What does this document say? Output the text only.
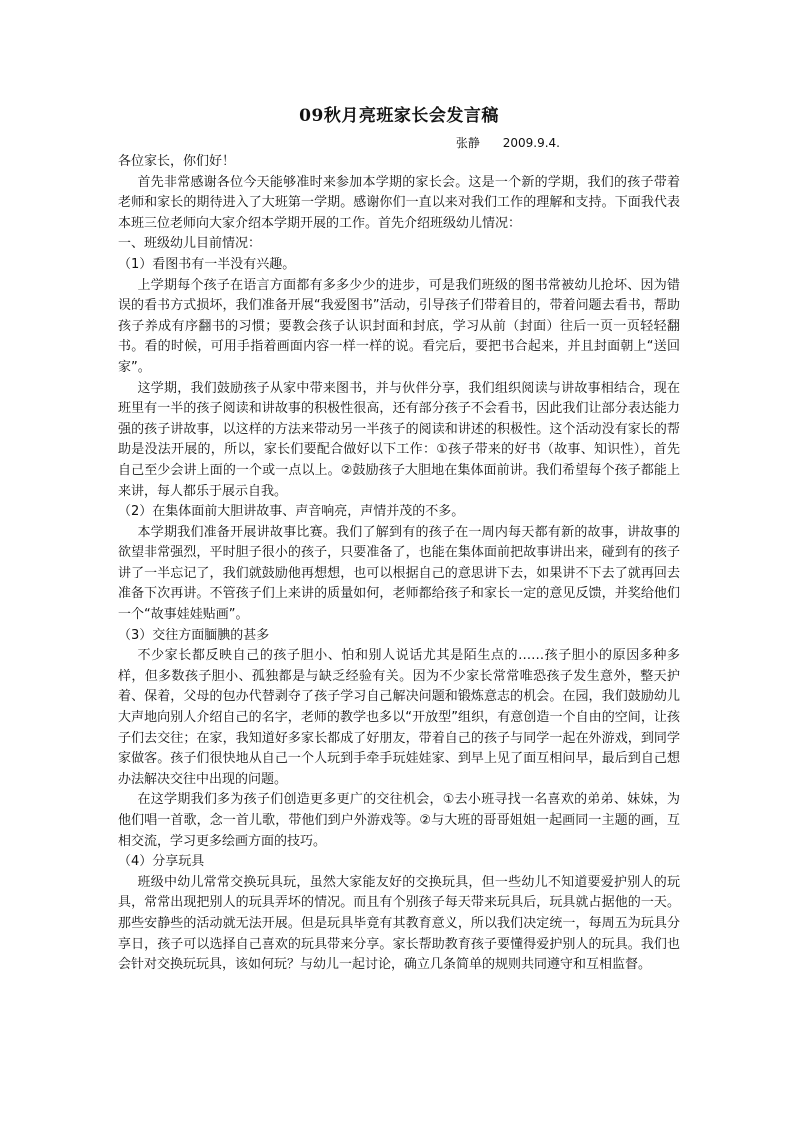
09秋月亮班家长会发言稿
张静      2009.9.4.

各位家长，你们好！

首先非常感谢各位今天能够准时来参加本学期的家长会。这是一个新的学期，我们的孩子带着老师和家长的期待进入了大班第一学期。感谢你们一直以来对我们工作的理解和支持。下面我代表本班三位老师向大家介绍本学期开展的工作。首先介绍班级幼儿情况：

一、班级幼儿目前情况：

（1）看图书有一半没有兴趣。

上学期每个孩子在语言方面都有多多少少的进步，可是我们班级的图书常被幼儿抢坏、因为错误的看书方式损坏，我们准备开展“我爱图书”活动，引导孩子们带着目的，带着问题去看书，帮助孩子养成有序翻书的习惯；要教会孩子认识封面和封底，学习从前（封面）往后一页一页轻轻翻书。看的时候，可用手指着画面内容一样一样的说。看完后，要把书合起来，并且封面朝上“送回家”。

这学期，我们鼓励孩子从家中带来图书，并与伙伴分享，我们组织阅读与讲故事相结合，现在班里有一半的孩子阅读和讲故事的积极性很高，还有部分孩子不会看书，因此我们让部分表达能力强的孩子讲故事，以这样的方法来带动另一半孩子的阅读和讲述的积极性。这个活动没有家长的帮助是没法开展的，所以，家长们要配合做好以下工作：①孩子带来的好书（故事、知识性），首先自己至少会讲上面的一个或一点以上。②鼓励孩子大胆地在集体面前讲。我们希望每个孩子都能上来讲，每人都乐于展示自我。

（2）在集体面前大胆讲故事、声音响亮，声情并茂的不多。

本学期我们准备开展讲故事比赛。我们了解到有的孩子在一周内每天都有新的故事，讲故事的欲望非常强烈，平时胆子很小的孩子，只要准备了，也能在集体面前把故事讲出来，碰到有的孩子讲了一半忘记了，我们就鼓励他再想想，也可以根据自己的意思讲下去，如果讲不下去了就再回去准备下次再讲。不管孩子们上来讲的质量如何，老师都给孩子和家长一定的意见反馈，并奖给他们一个“故事娃娃贴画”。

（3）交往方面腼腆的甚多

不少家长都反映自己的孩子胆小、怕和别人说话尤其是陌生点的……孩子胆小的原因多种多样，但多数孩子胆小、孤独都是与缺乏经验有关。因为不少家长常常唯恐孩子发生意外，整天护着、保着，父母的包办代替剥夺了孩子学习自己解决问题和锻炼意志的机会。在园，我们鼓励幼儿大声地向别人介绍自己的名字，老师的教学也多以“开放型”组织，有意创造一个自由的空间，让孩子们去交往；在家，我知道好多家长都成了好朋友，带着自己的孩子与同学一起在外游戏，到同学家做客。孩子们很快地从自己一个人玩到手牵手玩娃娃家、到早上见了面互相问早，最后到自己想办法解决交往中出现的问题。

在这学期我们多为孩子们创造更多更广的交往机会，①去小班寻找一名喜欢的弟弟、妹妹，为他们唱一首歌，念一首儿歌，带他们到户外游戏等。②与大班的哥哥姐姐一起画同一主题的画，互相交流，学习更多绘画方面的技巧。

（4）分享玩具

班级中幼儿常常交换玩具玩，虽然大家能友好的交换玩具，但一些幼儿不知道要爱护别人的玩具，常常出现把别人的玩具弄坏的情况。而且有个别孩子每天带来玩具后，玩具就占据他的一天。那些安静些的活动就无法开展。但是玩具毕竟有其教育意义，所以我们决定统一，每周五为玩具分享日，孩子可以选择自己喜欢的玩具带来分享。家长帮助教育孩子要懂得爱护别人的玩具。我们也会针对交换玩玩具，该如何玩？与幼儿一起讨论，确立几条简单的规则共同遵守和互相监督。
